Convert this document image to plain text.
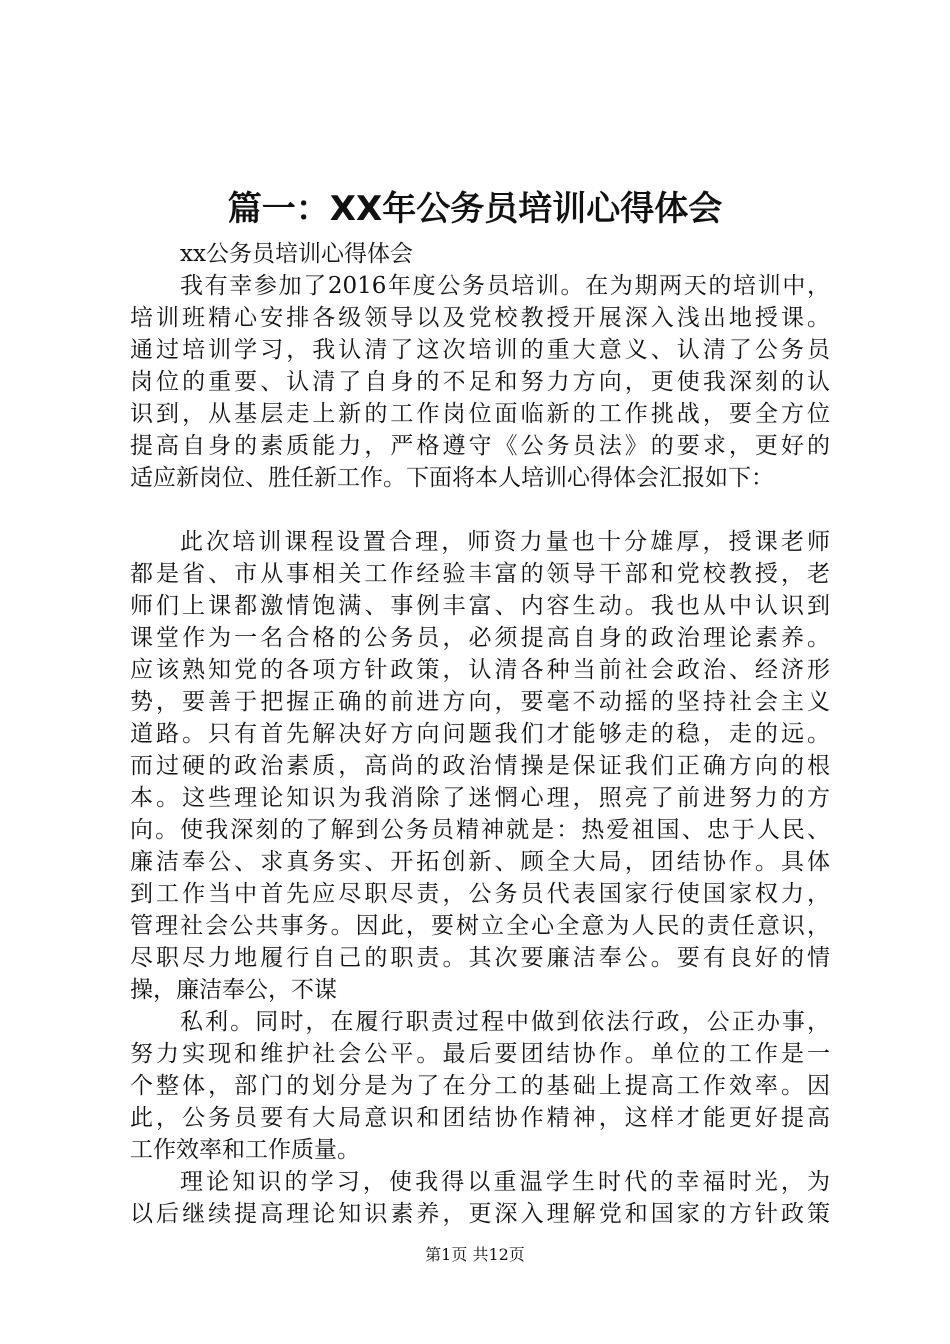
篇一：XX年公务员培训心得体会
xx公务员培训心得体会
我有幸参加了2016年度公务员培训。在为期两天的培训中，
培训班精心安排各级领导以及党校教授开展深入浅出地授课。
通过培训学习，我认清了这次培训的重大意义、认清了公务员
岗位的重要、认清了自身的不足和努力方向，更使我深刻的认
识到，从基层走上新的工作岗位面临新的工作挑战，要全方位
提高自身的素质能力，严格遵守《公务员法》的要求，更好的
适应新岗位、胜任新工作。下面将本人培训心得体会汇报如下：
此次培训课程设置合理，师资力量也十分雄厚，授课老师
都是省、市从事相关工作经验丰富的领导干部和党校教授，老
师们上课都激情饱满、事例丰富、内容生动。我也从中认识到
课堂作为一名合格的公务员，必须提高自身的政治理论素养。
应该熟知党的各项方针政策，认清各种当前社会政治、经济形
势，要善于把握正确的前进方向，要毫不动摇的坚持社会主义
道路。只有首先解决好方向问题我们才能够走的稳，走的远。
而过硬的政治素质，高尚的政治情操是保证我们正确方向的根
本。这些理论知识为我消除了迷惘心理，照亮了前进努力的方
向。使我深刻的了解到公务员精神就是：热爱祖国、忠于人民、
廉洁奉公、求真务实、开拓创新、顾全大局，团结协作。具体
到工作当中首先应尽职尽责，公务员代表国家行使国家权力，
管理社会公共事务。因此，要树立全心全意为人民的责任意识，
尽职尽力地履行自己的职责。其次要廉洁奉公。要有良好的情
操，廉洁奉公，不谋
私利。同时，在履行职责过程中做到依法行政，公正办事，
努力实现和维护社会公平。最后要团结协作。单位的工作是一
个整体，部门的划分是为了在分工的基础上提高工作效率。因
此，公务员要有大局意识和团结协作精神，这样才能更好提高
工作效率和工作质量。
理论知识的学习，使我得以重温学生时代的幸福时光，为
以后继续提高理论知识素养，更深入理解党和国家的方针政策
第1页 共12页
